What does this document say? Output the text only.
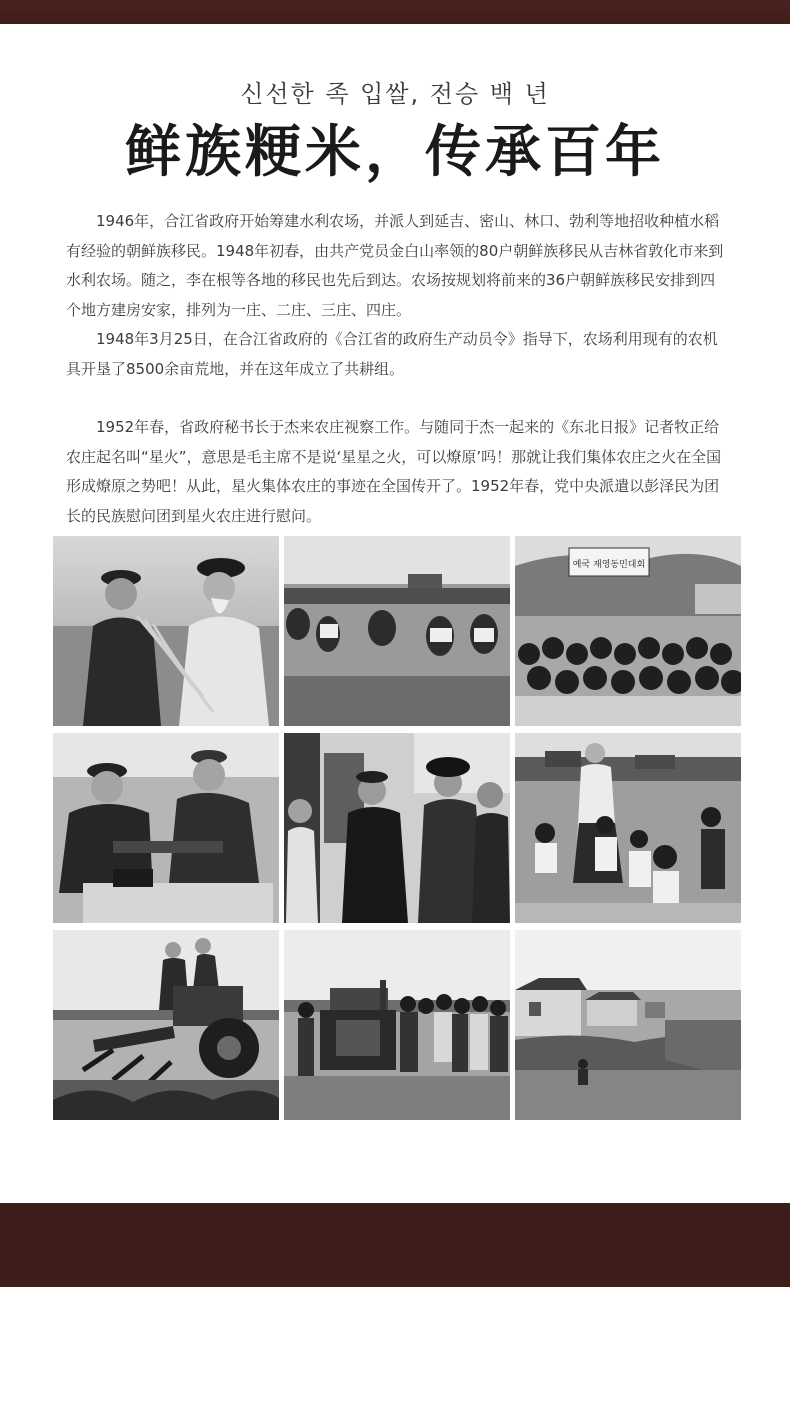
신선한 족 입쌀, 전승 백 년
鲜族粳米，传承百年

1946年，合江省政府开始筹建水利农场，并派人到延吉、密山、林口、勃利等地招收种植水稻有经验的朝鲜族移民。1948年初春，由共产党员金白山率领的80户朝鲜族移民从吉林省敦化市来到水利农场。随之，李在根等各地的移民也先后到达。农场按规划将前来的36户朝鲜族移民安排到四个地方建房安家，排列为一庄、二庄、三庄、四庄。

1948年3月25日，在合江省政府的《合江省的政府生产动员令》指导下，农场利用现有的农机具开垦了8500余亩荒地，并在这年成立了共耕组。

1952年春，省政府秘书长于杰来农庄视察工作。与随同于杰一起来的《东北日报》记者牧正给农庄起名叫“星火”，意思是毛主席不是说‘星星之火，可以燎原’吗！那就让我们集体农庄之火在全国形成燎原之势吧！从此，星火集体农庄的事迹在全国传开了。1952年春，党中央派遣以彭泽民为团长的民族慰问团到星火农庄进行慰问。

예국 재영동민대회
